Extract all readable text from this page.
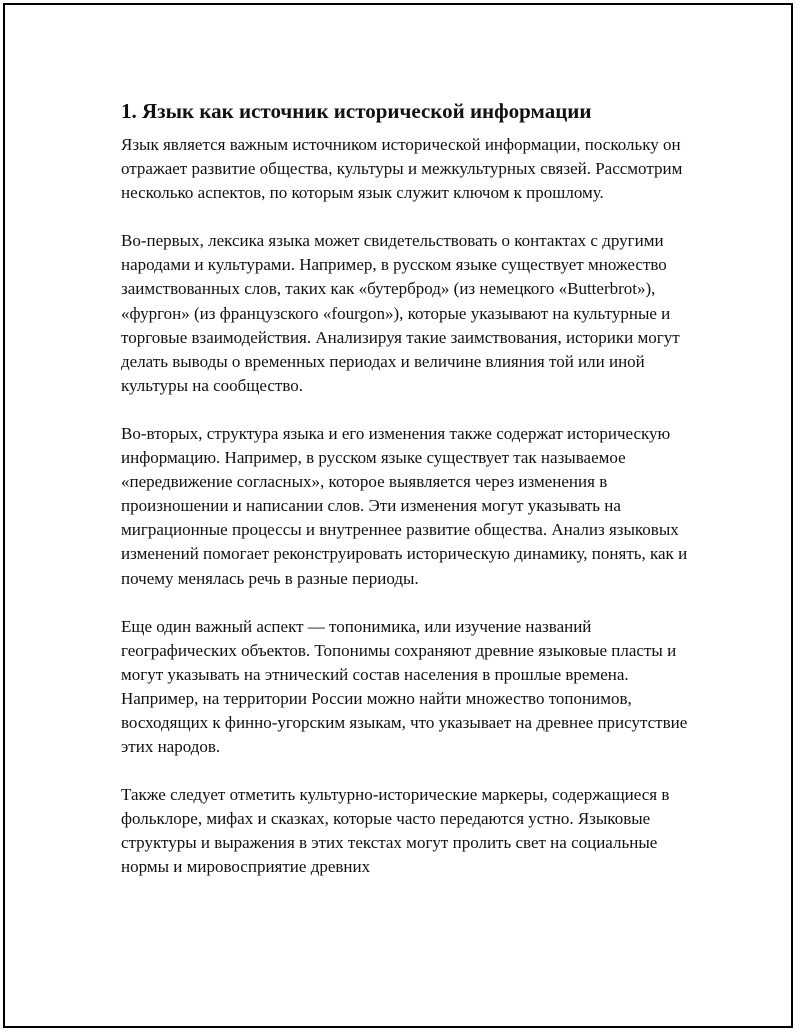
1. Язык как источник исторической информации

Язык является важным источником исторической информации, поскольку он отражает развитие общества, культуры и межкультурных связей. Рассмотрим несколько аспектов, по которым язык служит ключом к прошлому.

Во-первых, лексика языка может свидетельствовать о контактах с другими народами и культурами. Например, в русском языке существует множество заимствованных слов, таких как «бутерброд» (из немецкого «Butterbrot»), «фургон» (из французского «fourgon»), которые указывают на культурные и торговые взаимодействия. Анализируя такие заимствования, историки могут делать выводы о временных периодах и величине влияния той или иной культуры на сообщество.

Во-вторых, структура языка и его изменения также содержат историческую информацию. Например, в русском языке существует так называемое «передвижение согласных», которое выявляется через изменения в произношении и написании слов. Эти изменения могут указывать на миграционные процессы и внутреннее развитие общества. Анализ языковых изменений помогает реконструировать историческую динамику, понять, как и почему менялась речь в разные периоды.

Еще один важный аспект — топонимика, или изучение названий географических объектов. Топонимы сохраняют древние языковые пласты и могут указывать на этнический состав населения в прошлые времена. Например, на территории России можно найти множество топонимов, восходящих к финно-угорским языкам, что указывает на древнее присутствие этих народов.

Также следует отметить культурно-исторические маркеры, содержащиеся в фольклоре, мифах и сказках, которые часто передаются устно. Языковые структуры и выражения в этих текстах могут пролить свет на социальные нормы и мировосприятие древних
